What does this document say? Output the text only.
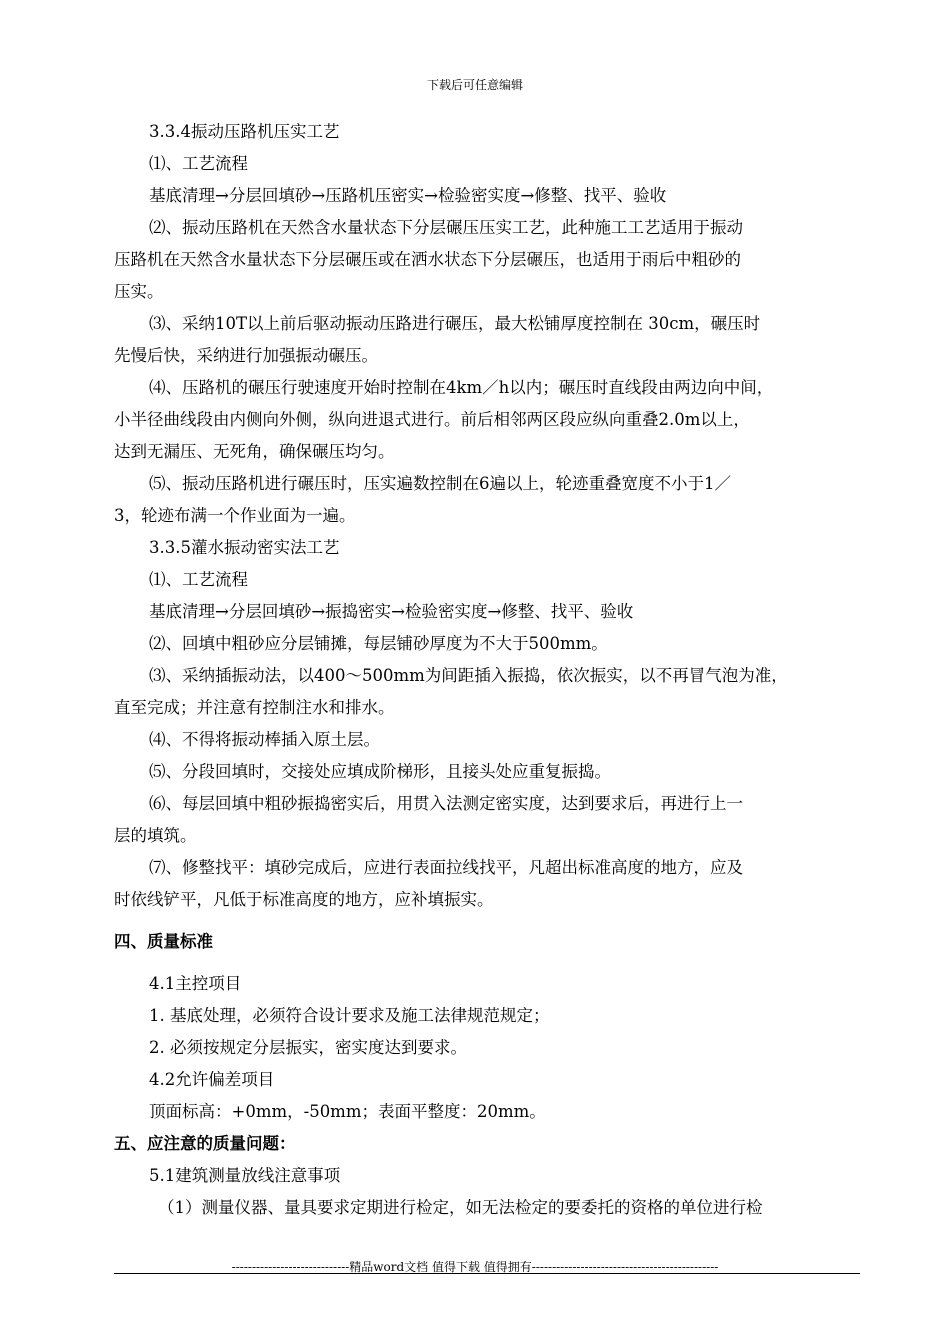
下载后可任意编辑
3.3.4振动压路机压实工艺
⑴、工艺流程
基底清理→分层回填砂→压路机压密实→检验密实度→修整、找平、验收
⑵、振动压路机在天然含水量状态下分层碾压压实工艺，此种施工工艺适用于振动
压路机在天然含水量状态下分层碾压或在洒水状态下分层碾压，也适用于雨后中粗砂的
压实。
⑶、采纳10T以上前后驱动振动压路进行碾压，最大松铺厚度控制在 30cm，碾压时
先慢后快，采纳进行加强振动碾压。
⑷、压路机的碾压行驶速度开始时控制在4km／h以内；碾压时直线段由两边向中间，
小半径曲线段由内侧向外侧，纵向进退式进行。前后相邻两区段应纵向重叠2.0m以上，
达到无漏压、无死角，确保碾压均匀。
⑸、振动压路机进行碾压时，压实遍数控制在6遍以上，轮迹重叠宽度不小于1／
3，轮迹布满一个作业面为一遍。
3.3.5灌水振动密实法工艺
⑴、工艺流程
基底清理→分层回填砂→振捣密实→检验密实度→修整、找平、验收
⑵、回填中粗砂应分层铺摊，每层铺砂厚度为不大于500mm。
⑶、采纳插振动法，以400～500mm为间距插入振捣，依次振实，以不再冒气泡为准，
直至完成；并注意有控制注水和排水。
⑷、不得将振动棒插入原土层。
⑸、分段回填时，交接处应填成阶梯形，且接头处应重复振捣。
⑹、每层回填中粗砂振捣密实后，用贯入法测定密实度，达到要求后，再进行上一
层的填筑。
⑺、修整找平：填砂完成后，应进行表面拉线找平，凡超出标准高度的地方，应及
时依线铲平，凡低于标准高度的地方，应补填振实。
四、质量标准
4.1主控项目
1. 基底处理，必须符合设计要求及施工法律规范规定；
2. 必须按规定分层振实，密实度达到要求。
4.2允许偏差项目
顶面标高：+0mm，-50mm；表面平整度：20mm。
五、应注意的质量问题：
5.1建筑测量放线注意事项
（1）测量仪器、量具要求定期进行检定，如无法检定的要委托的资格的单位进行检
-----------------------------精品word文档 值得下载 值得拥有----------------------------------------------
